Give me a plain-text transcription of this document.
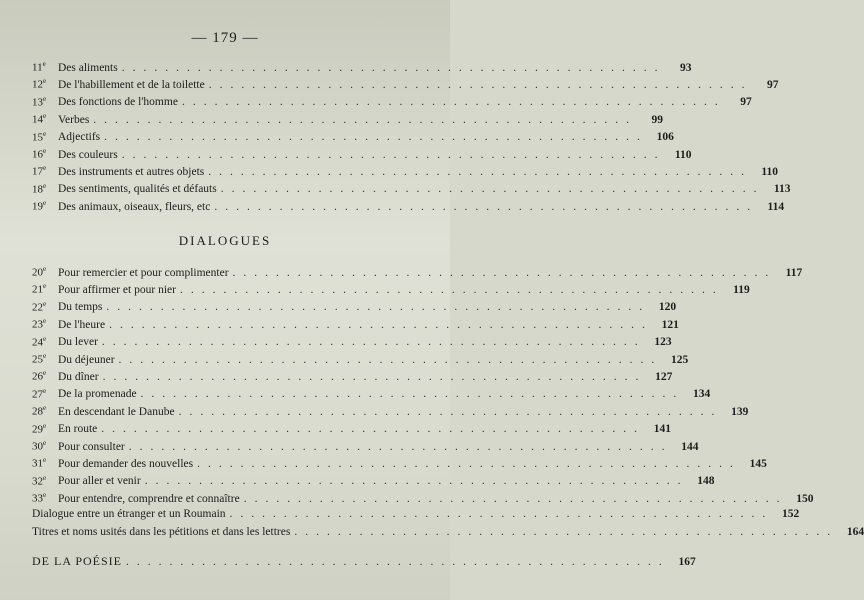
— 179 —
11e	Des aliments ..................................................	93
12e	De l'habillement et de la toilette ..................................................	97
13e	Des fonctions de l'homme ..................................................	97
14e	Verbes ..................................................	99
15e	Adjectifs .................................................. 106
16e	Des couleurs .................................................. 110
17e	Des instruments et autres objets .................................................. 110
18e	Des sentiments, qualités et défauts .................................................. 113
19e	Des animaux, oiseaux, fleurs, etc .................................................. 114
DIALOGUES
20e	Pour remercier et pour complimenter .................................................. 117
21e	Pour affirmer et pour nier .................................................. 119
22e	Du temps .................................................. 120
23e	De l'heure .................................................. 121
24e	Du lever .................................................. 123
25e	Du déjeuner .................................................. 125
26e	Du dîner .................................................. 127
27e	De la promenade .................................................. 134
28e	En descendant le Danube .................................................. 139
29e	En route .................................................. 141
30e	Pour consulter .................................................. 144
31e	Pour demander des nouvelles .................................................. 145
32e	Pour aller et venir .................................................. 148
33e	Pour entendre, comprendre et connaître .................................................. 150
Dialogue entre un étranger et un Roumain .................................................. 152
Titres et noms usités dans les pétitions et dans les lettres .................................................. 164
DE LA POÉSIE .................................................. 167
